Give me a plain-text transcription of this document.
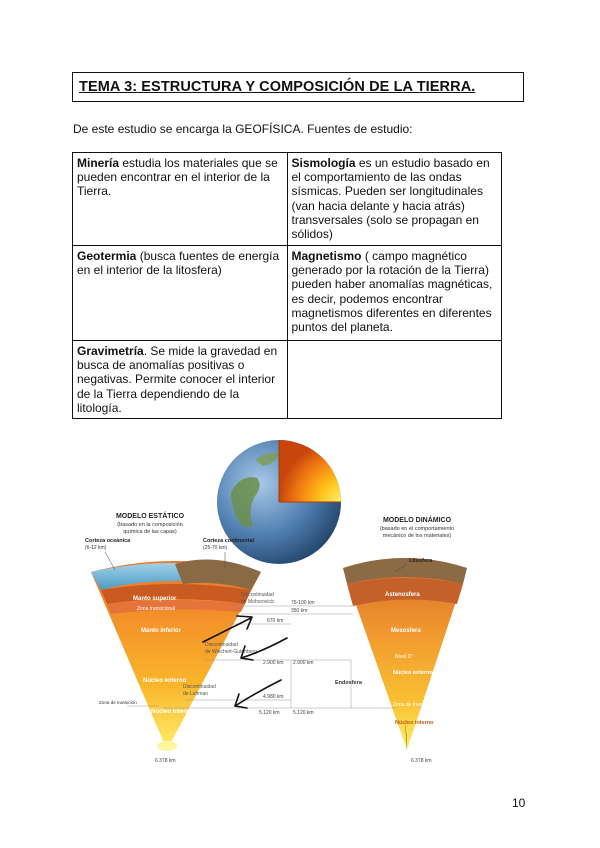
TEMA 3: ESTRUCTURA Y COMPOSICIÓN DE LA TIERRA.
De este estudio se encarga la GEOFÍSICA. Fuentes de estudio:
Minería estudia los materiales que se pueden encontrar en el interior de la Tierra.	Sismología es un estudio basado en el comportamiento de las ondas sísmicas. Pueden ser longitudinales (van hacia delante y hacia atrás) transversales (solo se propagan en sólidos)
Geotermia (busca fuentes de energía en el interior de la litosfera)	Magnetismo ( campo magnético generado por la rotación de la Tierra) pueden haber anomalías magnéticas, es decir, podemos encontrar magnetismos diferentes en diferentes puntos del planeta.
Gravimetría. Se mide la gravedad en busca de anomalías positivas o negativas. Permite conocer el interior de la Tierra dependiendo de la litología.	
MODELO ESTÁTICO
(basado en la composición
química de las capas)
MODELO DINÁMICO
(basado en el comportamiento
mecánico de los materiales)
Corteza oceánica
(6-12 km)
Corteza continental
(25-70 km)
Manto superior
Zona transicional
Manto inferior
Núcleo externo
Núcleo interno
Zona de transición
Discontinuidad
de Mohorovicic
Discontinuidad
de Wiechert-Gutenberg
Discontinuidad
de Lehman
75-100 km
350 km
670 km
2.900 km 2.900 km
4.980 km
5.120 km	5.120 km
6.378 km	6.378 km
Litosfera
Astenosfera
Mesosfera
Nivel D''
Núcleo externo
Zona de transición
Núcleo interno
Endosfera
10
